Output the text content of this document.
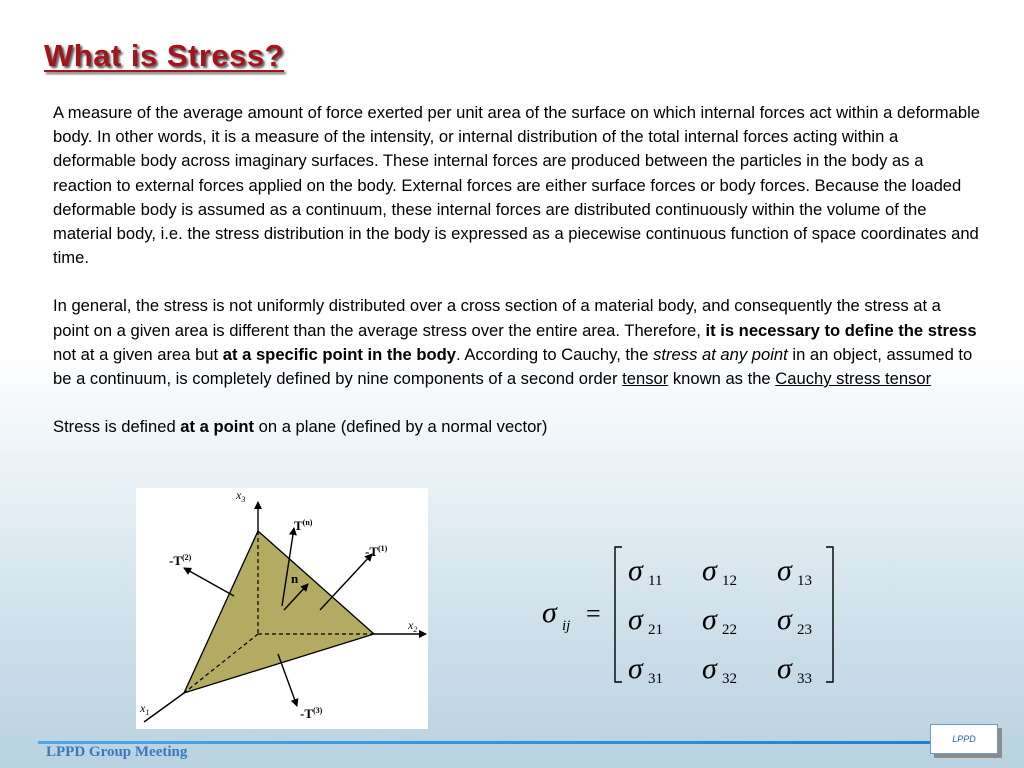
What is Stress?

A measure of the average amount of force exerted per unit area of the surface on which internal forces act within a deformable body. In other words, it is a measure of the intensity, or internal distribution of the total internal forces acting within a deformable body across imaginary surfaces. These internal forces are produced between the particles in the body as a reaction to external forces applied on the body. External forces are either surface forces or body forces. Because the loaded deformable body is assumed as a continuum, these internal forces are distributed continuously within the volume of the material body, i.e. the stress distribution in the body is expressed as a piecewise continuous function of space coordinates and time.

In general, the stress is not uniformly distributed over a cross section of a material body, and consequently the stress at a point on a given area is different than the average stress over the entire area. Therefore, it is necessary to define the stress not at a given area but at a specific point in the body. According to Cauchy, the stress at any point in an object, assumed to be a continuum, is completely defined by nine components of a second order tensor known as the Cauchy stress tensor

Stress is defined at a point on a plane (defined by a normal vector)

$x_3$
$x_2$
$x_1$
$T^{(n)}$
$-T^{(1)}$
$-T^{(2)}$
$-T^{(3)}$
n
σ ij =
σ 11 σ 12 σ 13
σ 21 σ 22 σ 23
σ 31 σ 32 σ 33
LPPD Group Meeting
LPPD
